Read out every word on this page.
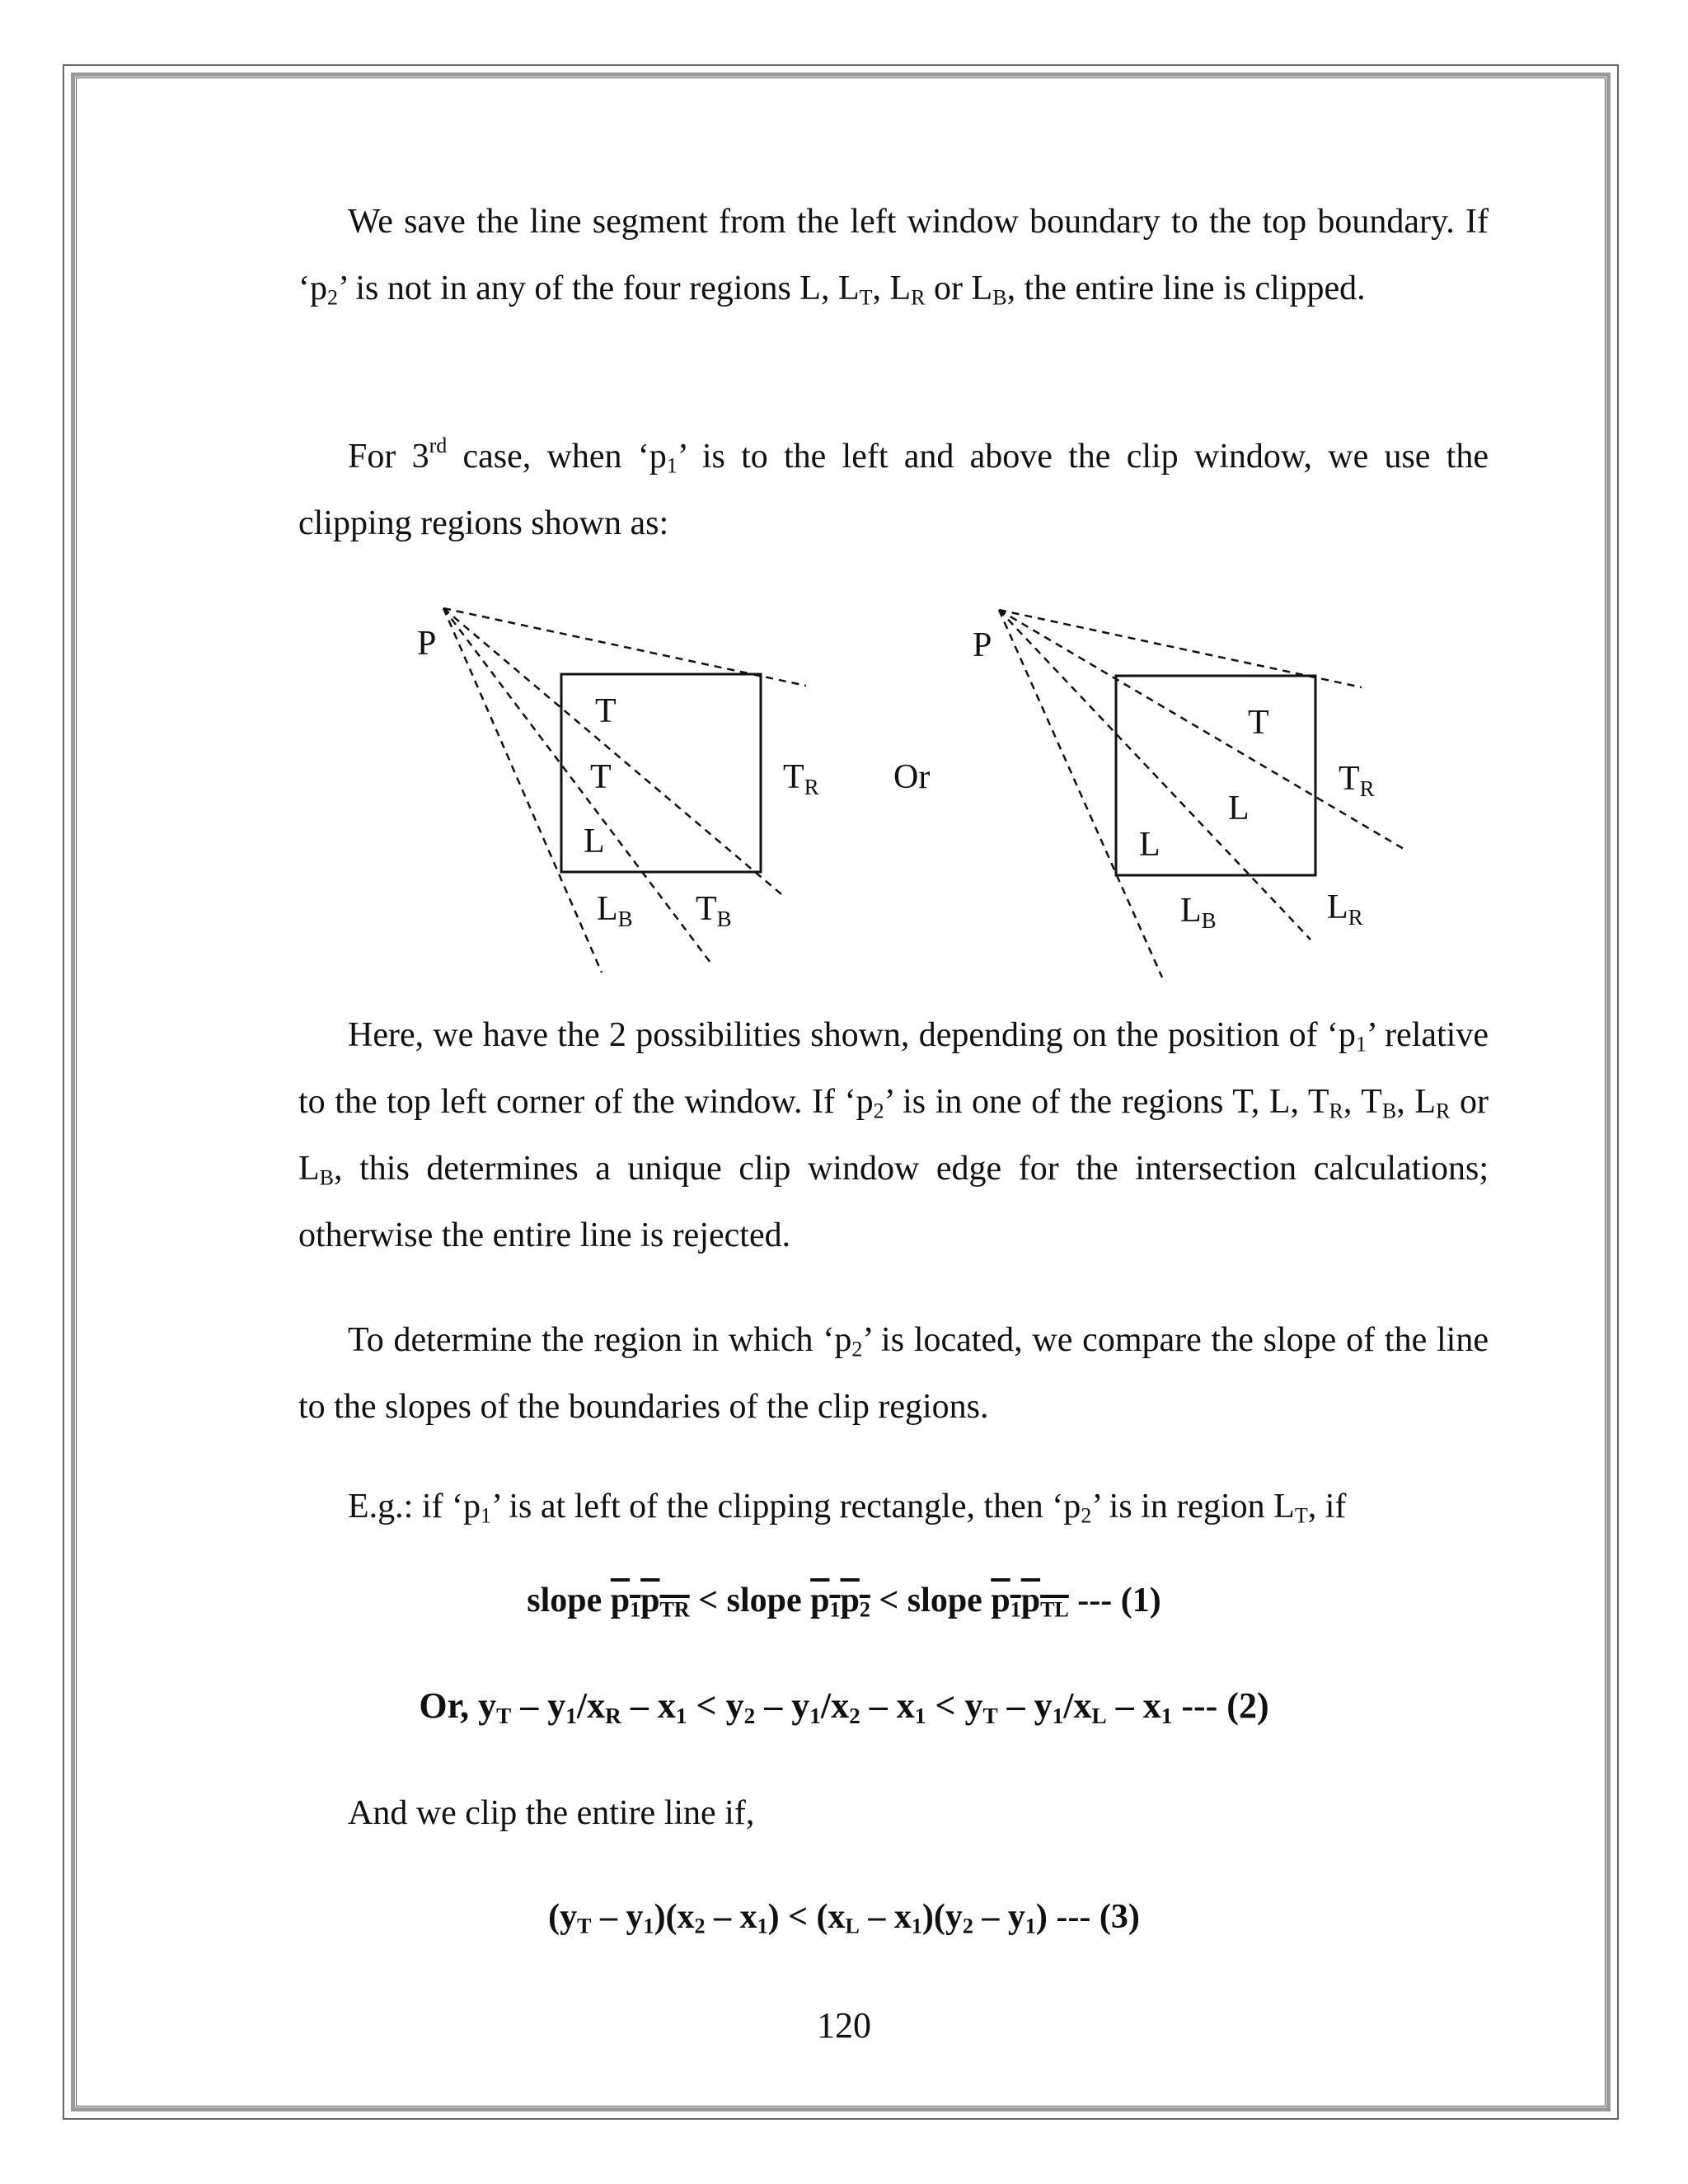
We save the line segment from the left window boundary to the top boundary. If ‘$p_2$’ is not in any of the four regions L, $L_T$, $L_R$ or $L_B$, the entire line is clipped.

For 3rd case, when ‘$p_1$’ is to the left and above the clip window, we use the clipping regions shown as:

P
T
T
L
TR
LB TB
Or
P
T
L
L
TR
LB	LR

Here, we have the 2 possibilities shown, depending on the position of ‘$p_1$’ relative to the top left corner of the window. If ‘$p_2$’ is in one of the regions T, L, $T_R$, $T_B$, $L_R$ or $L_B$, this determines a unique clip window edge for the intersection calculations; otherwise the entire line is rejected.

To determine the region in which ‘$p_2$’ is located, we compare the slope of the line to the slopes of the boundaries of the clip regions.

E.g.: if ‘$p_1$’ is at left of the clipping rectangle, then ‘$p_2$’ is in region $L_T$, if

slope $p_1p_{TR}$ < slope $p_1p_2$ < slope $p_1p_{TL}$ --- (1)

Or, $y_T - y_1/x_R - x_1 < y_2 - y_1/x_2 - x_1 < y_T - y_1/x_L - x_1$ --- (2)

And we clip the entire line if,

$(y_T - y_1)(x_2 - x_1) < (x_L - x_1)(y_2 - y_1)$ --- (3)

120
